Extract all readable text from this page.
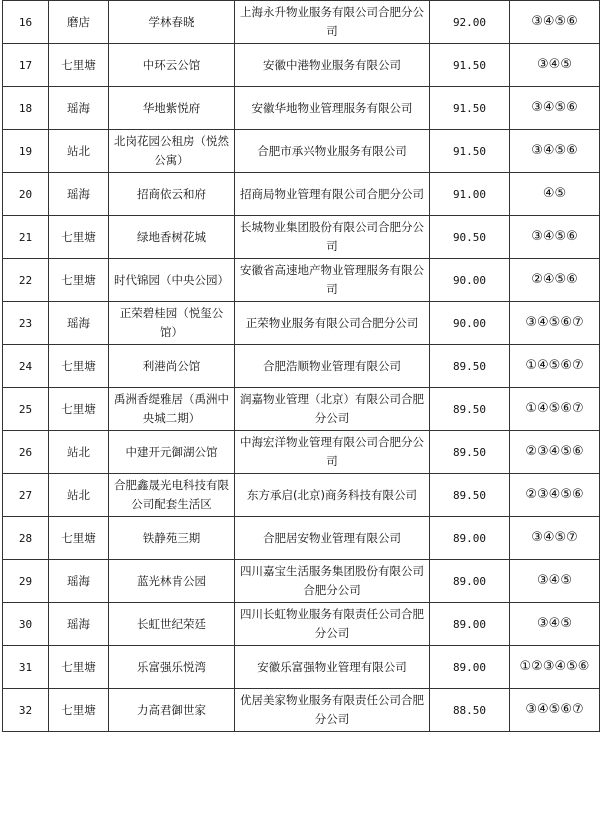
16	磨店	学林春晓	上海永升物业服务有限公司合肥分公司	92.00	③④⑤⑥
17	七里塘	中环云公馆	安徽中港物业服务有限公司	91.50	③④⑤
18	瑶海	华地紫悦府	安徽华地物业管理服务有限公司	91.50	③④⑤⑥
19	站北	北岗花园公租房（悦然公寓）	合肥市承兴物业服务有限公司	91.50	③④⑤⑥
20	瑶海	招商依云和府	招商局物业管理有限公司合肥分公司	91.00	④⑤
21	七里塘	绿地香树花城	长城物业集团股份有限公司合肥分公司	90.50	③④⑤⑥
22	七里塘	时代锦园（中央公园）	安徽省高速地产物业管理服务有限公司	90.00	②④⑤⑥
23	瑶海	正荣碧桂园（悦玺公馆）	正荣物业服务有限公司合肥分公司	90.00	③④⑤⑥⑦
24	七里塘	利港尚公馆	合肥浩顺物业管理有限公司	89.50	①④⑤⑥⑦
25	七里塘	禹洲香缇雅居（禹洲中央城二期）	润嘉物业管理（北京）有限公司合肥分公司	89.50	①④⑤⑥⑦
26	站北	中建开元御湖公馆	中海宏洋物业管理有限公司合肥分公司	89.50	②③④⑤⑥
27	站北	合肥鑫晟光电科技有限公司配套生活区	东方承启(北京)商务科技有限公司	89.50	②③④⑤⑥
28	七里塘	铁静苑三期	合肥居安物业管理有限公司	89.00	③④⑤⑦
29	瑶海	蓝光林肯公园	四川嘉宝生活服务集团股份有限公司合肥分公司	89.00	③④⑤
30	瑶海	长虹世纪荣廷	四川长虹物业服务有限责任公司合肥分公司	89.00	③④⑤
31	七里塘	乐富强乐悦湾	安徽乐富强物业管理有限公司	89.00	①②③④⑤⑥
32	七里塘	力高君御世家	优居美家物业服务有限责任公司合肥分公司	88.50	③④⑤⑥⑦
